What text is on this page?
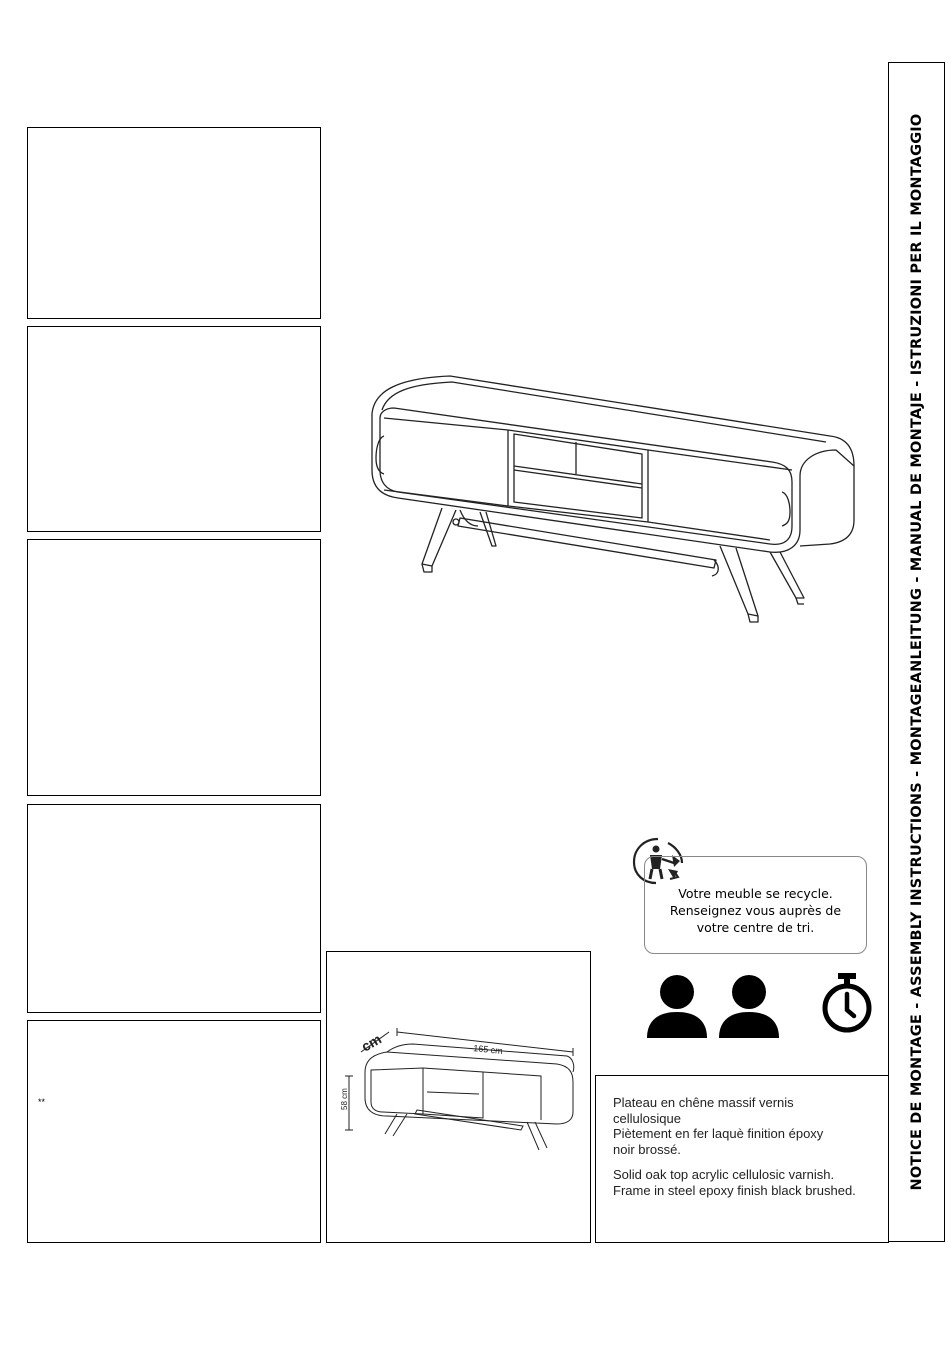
**
Votre meuble se recycle.
Renseignez vous auprès de
votre centre de tri.
165 cm
58 cm
cm
Plateau en chêne massif vernis
cellulosique
Piètement en fer laquè finition époxy
noir brossé.
Solid oak top acrylic cellulosic varnish.
Frame in steel epoxy finish black brushed.	NOTICE DE MONTAGE - ASSEMBLY INSTRUCTIONS - MONTAGEANLEITUNG - MANUAL DE MONTAJE - ISTRUZIONI PER IL MONTAGGIO
